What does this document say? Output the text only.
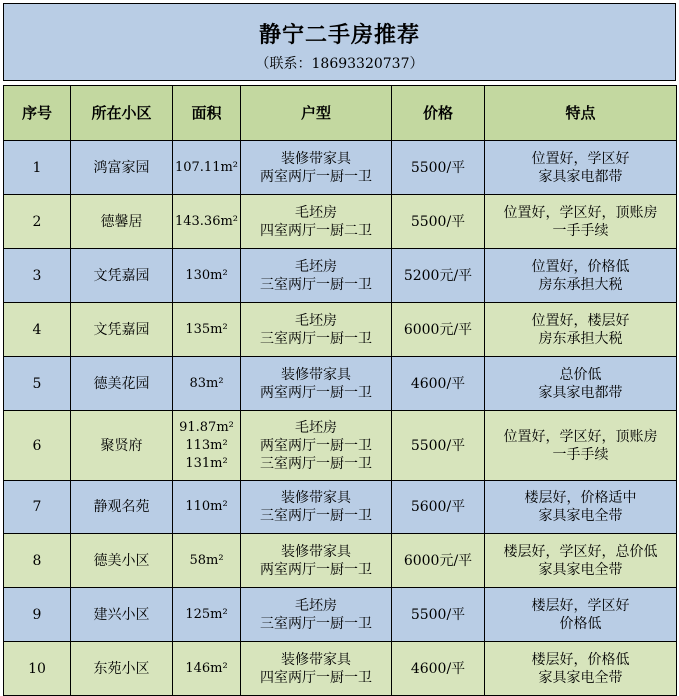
静宁二手房推荐
（联系：18693320737）
序号	所在小区	面积	户型	价格	特点
1	鸿富家园	107.11m²	装修带家具
两室两厅一厨一卫	5500/平	位置好，学区好
家具家电都带

2	德馨居	143.36m²	毛坯房
四室两厅一厨二卫	5500/平	位置好，学区好，顶账房
一手手续

3	文凭嘉园	130m²	毛坯房
三室两厅一厨一卫	5200元/平	位置好，价格低
房东承担大税

4	文凭嘉园	135m²	毛坯房
三室两厅一厨一卫	6000元/平	位置好，楼层好
房东承担大税

5	德美花园	83m²	装修带家具
两室两厅一厨一卫	4600/平	总价低
家具家电都带

6	聚贤府	91.87m²
113m²
131m²	毛坯房
两室两厅一厨一卫
三室两厅一厨一卫	5500/平	位置好，学区好，顶账房
一手手续

7	静观名苑	110m²	装修带家具
三室两厅一厨一卫	5600/平	楼层好，价格适中
家具家电全带

8	德美小区	58m²	装修带家具
两室两厅一厨一卫	6000元/平	楼层好，学区好，总价低
家具家电全带

9	建兴小区	125m²	毛坯房
三室两厅一厨一卫	5500/平	楼层好，学区好
价格低

10	东苑小区	146m²	装修带家具
四室两厅一厨一卫	4600/平	楼层好，价格低
家具家电全带
